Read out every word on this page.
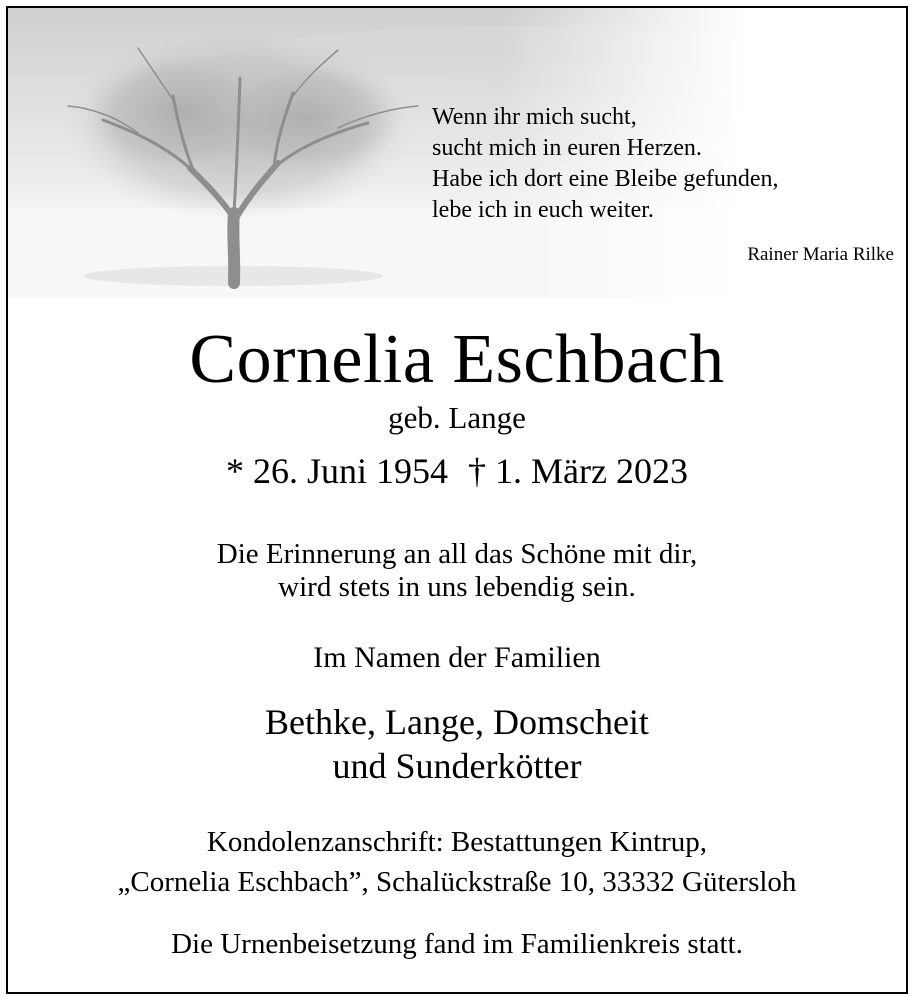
Wenn ihr mich sucht,
sucht mich in euren Herzen.
Habe ich dort eine Bleibe gefunden,
lebe ich in euch weiter.
Rainer Maria Rilke
Cornelia Eschbach
geb. Lange
* 26. Juni 1954 † 1. März 2023
Die Erinnerung an all das Schöne mit dir,
wird stets in uns lebendig sein.
Im Namen der Familien
Bethke, Lange, Domscheit
und Sunderkötter
Kondolenzanschrift: Bestattungen Kintrup,
„Cornelia Eschbach”, Schalückstraße 10, 33332 Gütersloh
Die Urnenbeisetzung fand im Familienkreis statt.
